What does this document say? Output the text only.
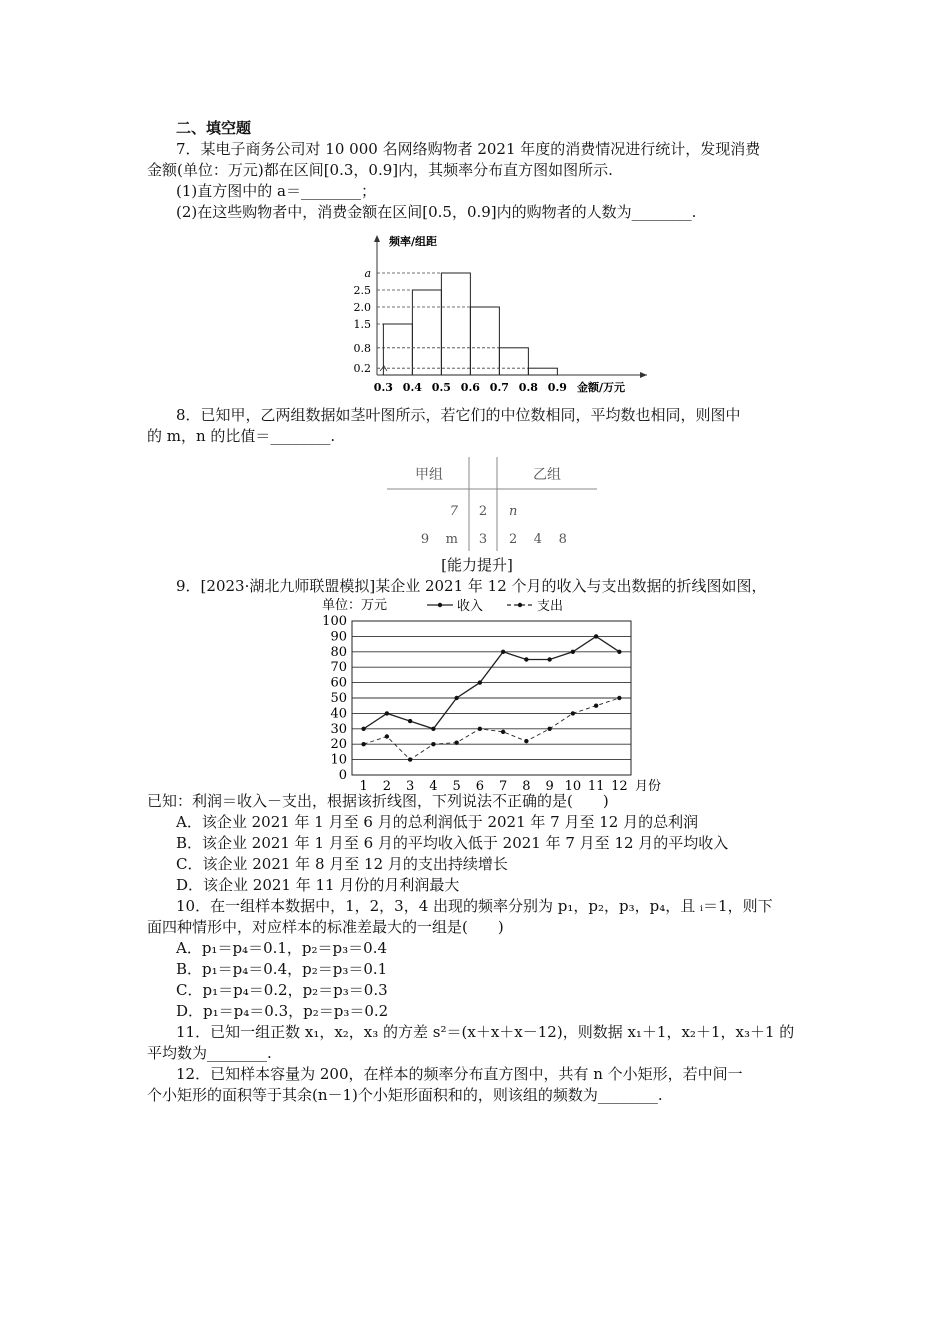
二、填空题
7．某电子商务公司对 10 000 名网络购物者 2021 年度的消费情况进行统计，发现消费
金额(单位：万元)都在区间[0.3，0.9]内，其频率分布直方图如图所示.
(1)直方图中的 a＝________；
(2)在这些购物者中，消费金额在区间[0.5，0.9]内的购物者的人数为________.
频率/组距
金额/万元
1.5
2.5
a
2.0
0.8
0.2
0.3 0.4 0.5 0.6 0.7 0.8 0.9
8．已知甲，乙两组数据如茎叶图所示，若它们的中位数相同，平均数也相同，则图中
的 m，n 的比值＝________.
甲组	乙组
7 2 n
9    m 3 2    4    8
[能力提升]
9．[2023·湖北九师联盟模拟]某企业 2021 年 12 个月的收入与支出数据的折线图如图，
单位：万元
0
10
20
30
40
50
60
70
80
90
100
1 2 3 4 5 6 7 8 9 10 11 12 月份
收入	支出
已知：利润＝收入－支出，根据该折线图，下列说法不正确的是(　　)
A．该企业 2021 年 1 月至 6 月的总利润低于 2021 年 7 月至 12 月的总利润
B．该企业 2021 年 1 月至 6 月的平均收入低于 2021 年 7 月至 12 月的平均收入
C．该企业 2021 年 8 月至 12 月的支出持续增长
D．该企业 2021 年 11 月份的月利润最大
10．在一组样本数据中，1，2，3，4 出现的频率分别为 p₁，p₂，p₃，p₄，且 ᵢ＝1，则下
面四种情形中，对应样本的标准差最大的一组是(　　)
A．p₁＝p₄＝0.1，p₂＝p₃＝0.4
B．p₁＝p₄＝0.4，p₂＝p₃＝0.1
C．p₁＝p₄＝0.2，p₂＝p₃＝0.3
D．p₁＝p₄＝0.3，p₂＝p₃＝0.2
11．已知一组正数 x₁，x₂，x₃ 的方差 s²＝(x＋x＋x－12)，则数据 x₁＋1，x₂＋1，x₃＋1 的
平均数为________.
12．已知样本容量为 200，在样本的频率分布直方图中，共有 n 个小矩形，若中间一
个小矩形的面积等于其余(n－1)个小矩形面积和的，则该组的频数为________.
